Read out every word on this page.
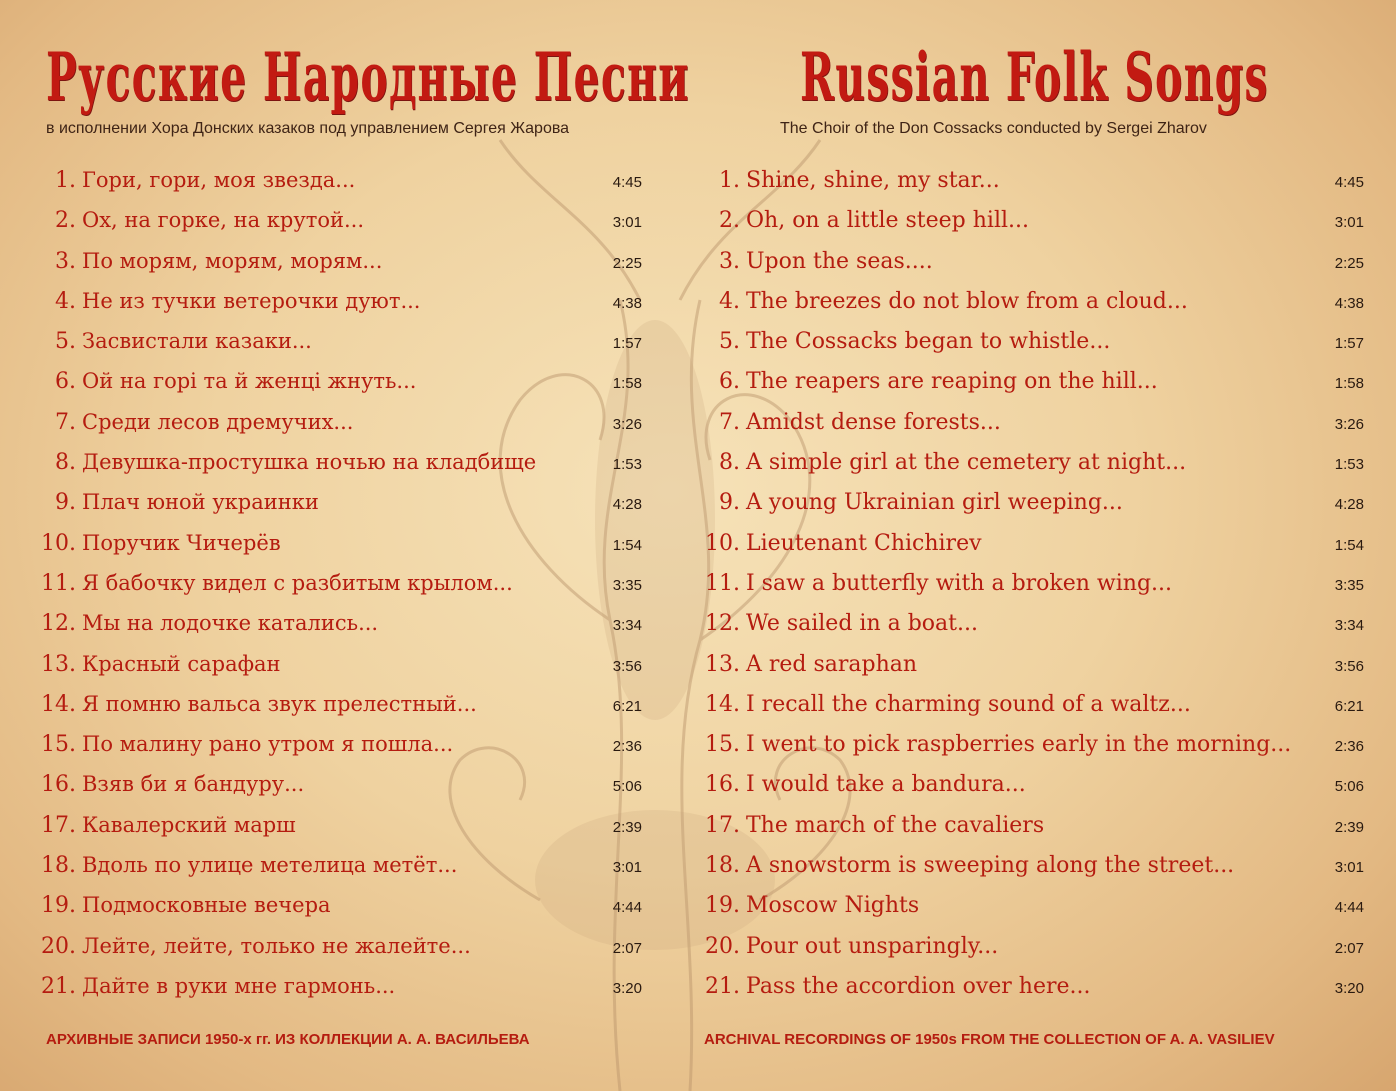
Русские Народные Песни Russian Folk Songs

в исполнении Хора Донских казаков под управлением Сергея Жарова	The Choir of the Don Cossacks conducted by Sergei Zharov

1. Гори, гори, моя звезда...	4:45
2. Ох, на горке, на крутой...	3:01
3. По морям, морям, морям...	2:25
4. Не из тучки ветерочки дуют...	4:38
5. Засвистали казаки...	1:57
6. Ой на горі та й женці жнуть...	1:58
7. Среди лесов дремучих...	3:26
8. Девушка-простушка ночью на кладбище	1:53
9. Плач юной украинки	4:28
10. Поручик Чичерёв	1:54
11. Я бабочку видел с разбитым крылом...	3:35
12. Мы на лодочке катались...	3:34
13. Красный сарафан	3:56
14. Я помню вальса звук прелестный...	6:21
15. По малину рано утром я пошла...	2:36
16. Взяв би я бандуру...	5:06
17. Кавалерский марш	2:39
18. Вдоль по улице метелица метёт...	3:01
19. Подмосковные вечера	4:44
20. Лейте, лейте, только не жалейте...	2:07
21. Дайте в руки мне гармонь...	3:20
1. Shine, shine, my star...	4:45
2. Oh, on a little steep hill...	3:01
3. Upon the seas....	2:25
4. The breezes do not blow from a cloud...	4:38
5. The Cossacks began to whistle...	1:57
6. The reapers are reaping on the hill...	1:58
7. Amidst dense forests...	3:26
8. A simple girl at the cemetery at night...	1:53
9. A young Ukrainian girl weeping...	4:28
10. Lieutenant Chichirev	1:54
11. I saw a butterfly with a broken wing...	3:35
12. We sailed in a boat...	3:34
13. A red saraphan	3:56
14. I recall the charming sound of a waltz...	6:21
15. I went to pick raspberries early in the morning...	2:36
16. I would take a bandura...	5:06
17. The march of the cavaliers	2:39
18. A snowstorm is sweeping along the street...	3:01
19. Moscow Nights	4:44
20. Pour out unsparingly...	2:07
21. Pass the accordion over here...	3:20

АРХИВНЫЕ ЗАПИСИ 1950-х гг. ИЗ КОЛЛЕКЦИИ А. А. ВАСИЛЬЕВА	ARCHIVAL RECORDINGS OF 1950s FROM THE COLLECTION OF A. A. VASILIEV
